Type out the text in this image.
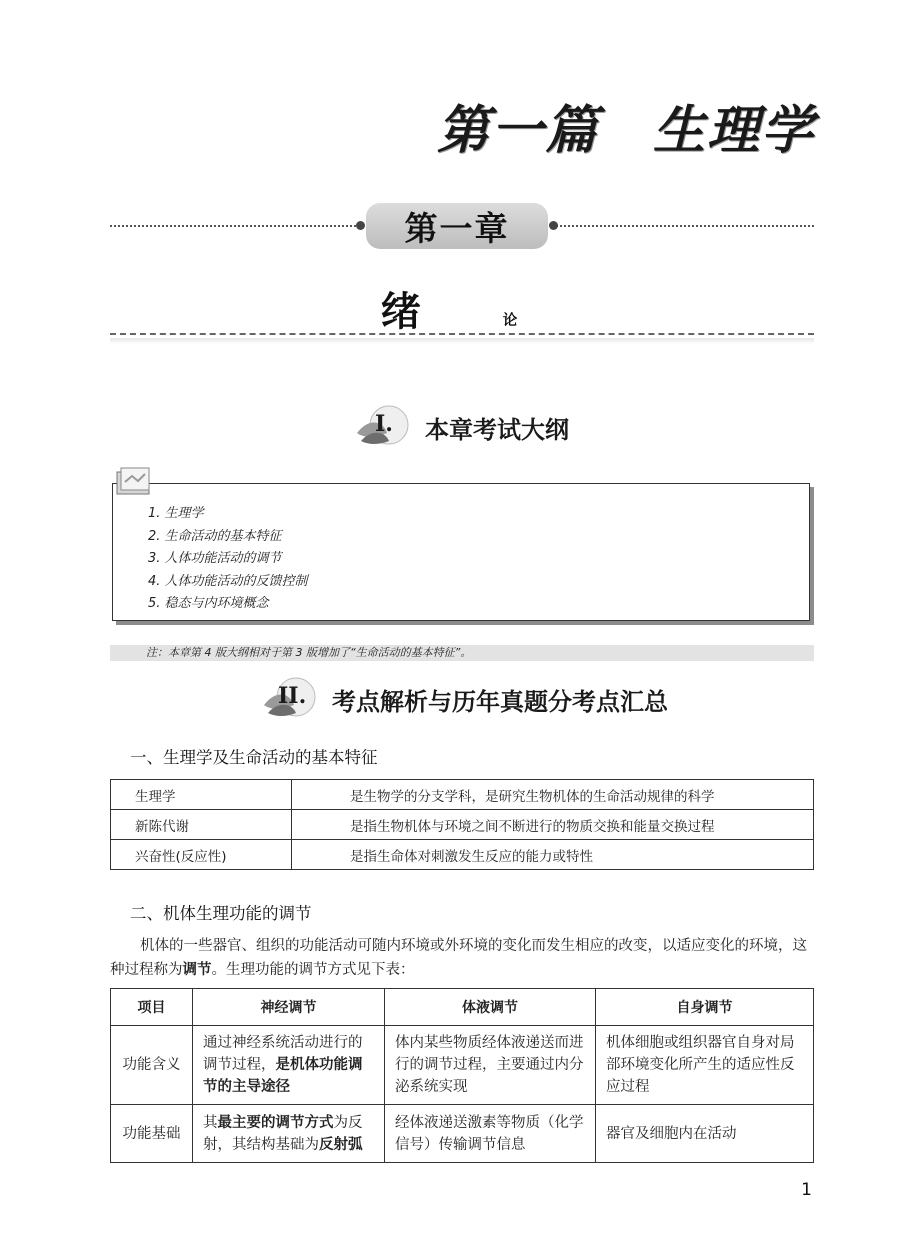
第一篇　生理学
第一章
绪	论
I. 本章考试大纲
1. 生理学
2. 生命活动的基本特征
3. 人体功能活动的调节
4. 人体功能活动的反馈控制
5. 稳态与内环境概念
注：本章第 4 版大纲相对于第 3 版增加了“生命活动的基本特征”。
II. 考点解析与历年真题分考点汇总
一、生理学及生命活动的基本特征
生理学	是生物学的分支学科，是研究生物机体的生命活动规律的科学
新陈代谢	是指生物机体与环境之间不断进行的物质交换和能量交换过程
兴奋性(反应性)	是指生命体对刺激发生反应的能力或特性
二、机体生理功能的调节
机体的一些器官、组织的功能活动可随内环境或外环境的变化而发生相应的改变，以适应变化的环境，这种过程称为调节。生理功能的调节方式见下表：
项目	神经调节	体液调节	自身调节
功能含义	通过神经系统活动进行的调节过程，是机体功能调节的主导途径	体内某些物质经体液递送而进行的调节过程，主要通过内分泌系统实现	机体细胞或组织器官自身对局部环境变化所产生的适应性反应过程
功能基础	其最主要的调节方式为反射，其结构基础为反射弧	经体液递送激素等物质（化学信号）传输调节信息	器官及细胞内在活动
1
